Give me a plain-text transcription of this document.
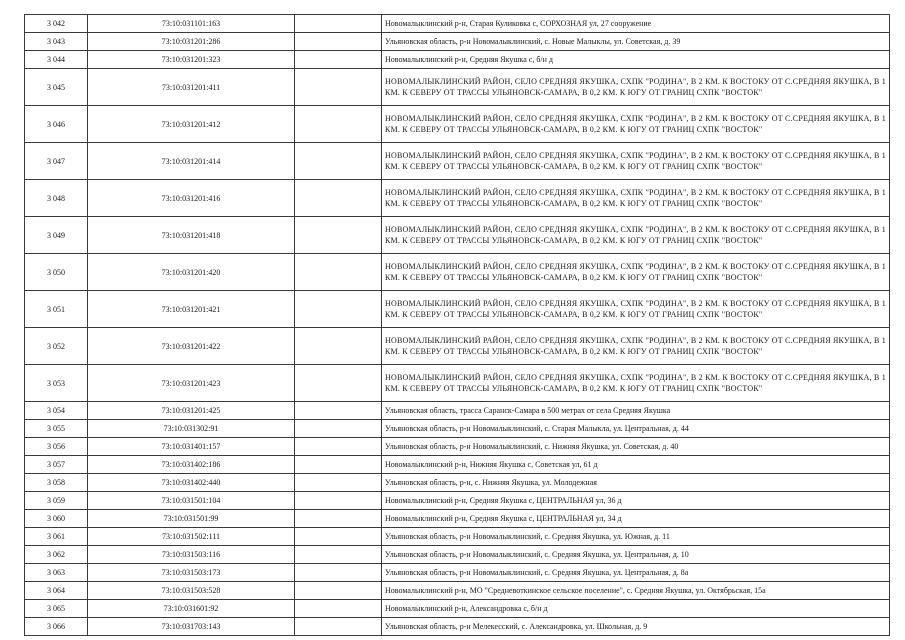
3 042	73:10:031101:163		Новомалыклинский р-н, Старая Куликовка с, СОРХОЗНАЯ ул, 27 сооружение
3 043	73:10:031201:286		Ульяновская область, р-н Новомалыклинский, с. Новые Малыклы, ул. Советская, д. 39
3 044	73:10:031201:323		Новомалыклинский р-н, Средняя Якушка с, б/н д
3 045	73:10:031201:411		НОВОМАЛЫКЛИНСКИЙ РАЙОН, СЕЛО СРЕДНЯЯ ЯКУШКА, СХПК "РОДИНА", В 2 КМ. К ВОСТОКУ ОТ С.СРЕДНЯЯ ЯКУШКА, В 1 КМ. К СЕВЕРУ ОТ ТРАССЫ УЛЬЯНОВСК-САМАРА, В 0,2 КМ. К ЮГУ ОТ ГРАНИЦ СХПК "ВОСТОК"
3 046	73:10:031201:412		НОВОМАЛЫКЛИНСКИЙ РАЙОН, СЕЛО СРЕДНЯЯ ЯКУШКА, СХПК "РОДИНА", В 2 КМ. К ВОСТОКУ ОТ С.СРЕДНЯЯ ЯКУШКА, В 1 КМ. К СЕВЕРУ ОТ ТРАССЫ УЛЬЯНОВСК-САМАРА, В 0,2 КМ. К ЮГУ ОТ ГРАНИЦ СХПК "ВОСТОК"
3 047	73:10:031201:414		НОВОМАЛЫКЛИНСКИЙ РАЙОН, СЕЛО СРЕДНЯЯ ЯКУШКА, СХПК "РОДИНА", В 2 КМ. К ВОСТОКУ ОТ С.СРЕДНЯЯ ЯКУШКА, В 1 КМ. К СЕВЕРУ ОТ ТРАССЫ УЛЬЯНОВСК-САМАРА, В 0,2 КМ. К ЮГУ ОТ ГРАНИЦ СХПК "ВОСТОК"
3 048	73:10:031201:416		НОВОМАЛЫКЛИНСКИЙ РАЙОН, СЕЛО СРЕДНЯЯ ЯКУШКА, СХПК "РОДИНА", В 2 КМ. К ВОСТОКУ ОТ С.СРЕДНЯЯ ЯКУШКА, В 1 КМ. К СЕВЕРУ ОТ ТРАССЫ УЛЬЯНОВСК-САМАРА, В 0,2 КМ. К ЮГУ ОТ ГРАНИЦ СХПК "ВОСТОК"
3 049	73:10:031201:418		НОВОМАЛЫКЛИНСКИЙ РАЙОН, СЕЛО СРЕДНЯЯ ЯКУШКА, СХПК "РОДИНА", В 2 КМ. К ВОСТОКУ ОТ С.СРЕДНЯЯ ЯКУШКА, В 1 КМ. К СЕВЕРУ ОТ ТРАССЫ УЛЬЯНОВСК-САМАРА, В 0,2 КМ. К ЮГУ ОТ ГРАНИЦ СХПК "ВОСТОК"
3 050	73:10:031201:420		НОВОМАЛЫКЛИНСКИЙ РАЙОН, СЕЛО СРЕДНЯЯ ЯКУШКА, СХПК "РОДИНА", В 2 КМ. К ВОСТОКУ ОТ С.СРЕДНЯЯ ЯКУШКА, В 1 КМ. К СЕВЕРУ ОТ ТРАССЫ УЛЬЯНОВСК-САМАРА, В 0,2 КМ. К ЮГУ ОТ ГРАНИЦ СХПК "ВОСТОК"
3 051	73:10:031201:421		НОВОМАЛЫКЛИНСКИЙ РАЙОН, СЕЛО СРЕДНЯЯ ЯКУШКА, СХПК "РОДИНА", В 2 КМ. К ВОСТОКУ ОТ С.СРЕДНЯЯ ЯКУШКА, В 1 КМ. К СЕВЕРУ ОТ ТРАССЫ УЛЬЯНОВСК-САМАРА, В 0,2 КМ. К ЮГУ ОТ ГРАНИЦ СХПК "ВОСТОК"
3 052	73:10:031201:422		НОВОМАЛЫКЛИНСКИЙ РАЙОН, СЕЛО СРЕДНЯЯ ЯКУШКА, СХПК "РОДИНА", В 2 КМ. К ВОСТОКУ ОТ С.СРЕДНЯЯ ЯКУШКА, В 1 КМ. К СЕВЕРУ ОТ ТРАССЫ УЛЬЯНОВСК-САМАРА, В 0,2 КМ. К ЮГУ ОТ ГРАНИЦ СХПК "ВОСТОК"
3 053	73:10:031201:423		НОВОМАЛЫКЛИНСКИЙ РАЙОН, СЕЛО СРЕДНЯЯ ЯКУШКА, СХПК "РОДИНА", В 2 КМ. К ВОСТОКУ ОТ С.СРЕДНЯЯ ЯКУШКА, В 1 КМ. К СЕВЕРУ ОТ ТРАССЫ УЛЬЯНОВСК-САМАРА, В 0,2 КМ. К ЮГУ ОТ ГРАНИЦ СХПК "ВОСТОК"
3 054	73:10:031201:425		Ульяновская область, трасса Саранск-Самара в 500 метрах от села Средняя Якушка
3 055	73:10:031302:91		Ульяновская область, р-н Новомалыклинский, с. Старая Малыкла, ул. Центральная, д. 44
3 056	73:10:031401:157		Ульяновская область, р-н Новомалыклинский, с. Нижняя Якушка, ул. Советская, д. 40
3 057	73:10:031402:186		Новомалыклинский р-н, Нижняя Якушка с, Советская ул, 61 д
3 058	73:10:031402:440		Ульяновская область, р-н, с. Нижняя Якушка, ул. Молодежная
3 059	73:10:031501:104		Новомалыклинский р-н, Средняя Якушка с, ЦЕНТРАЛЬНАЯ ул, 36 д
3 060	73:10:031501:99		Новомалыклинский р-н, Средняя Якушка с, ЦЕНТРАЛЬНАЯ ул, 34 д
3 061	73:10:031502:111		Ульяновская область, р-н Новомалыклинский, с. Средняя Якушка, ул. Южная, д. 11
3 062	73:10:031503:116		Ульяновская область, р-н Новомалыклинский, с. Средняя Якушка, ул. Центральная, д. 10
3 063	73:10:031503:173		Ульяновская область, р-н Новомалыклинский, с. Средняя Якушка, ул. Центральная, д. 8а
3 064	73:10:031503:528		Новомалыклинский р-н, МО "Средневоткинское сельское поселение", с. Средняя Якушка, ул. Октябрьская, 15а
3 065	73:10:031601:92		Новомалыклинский р-н, Александровка с, б/н д
3 066	73:10:031703:143		Ульяновская область, р-н Мелекесский, с. Александровка, ул. Школьная, д. 9
